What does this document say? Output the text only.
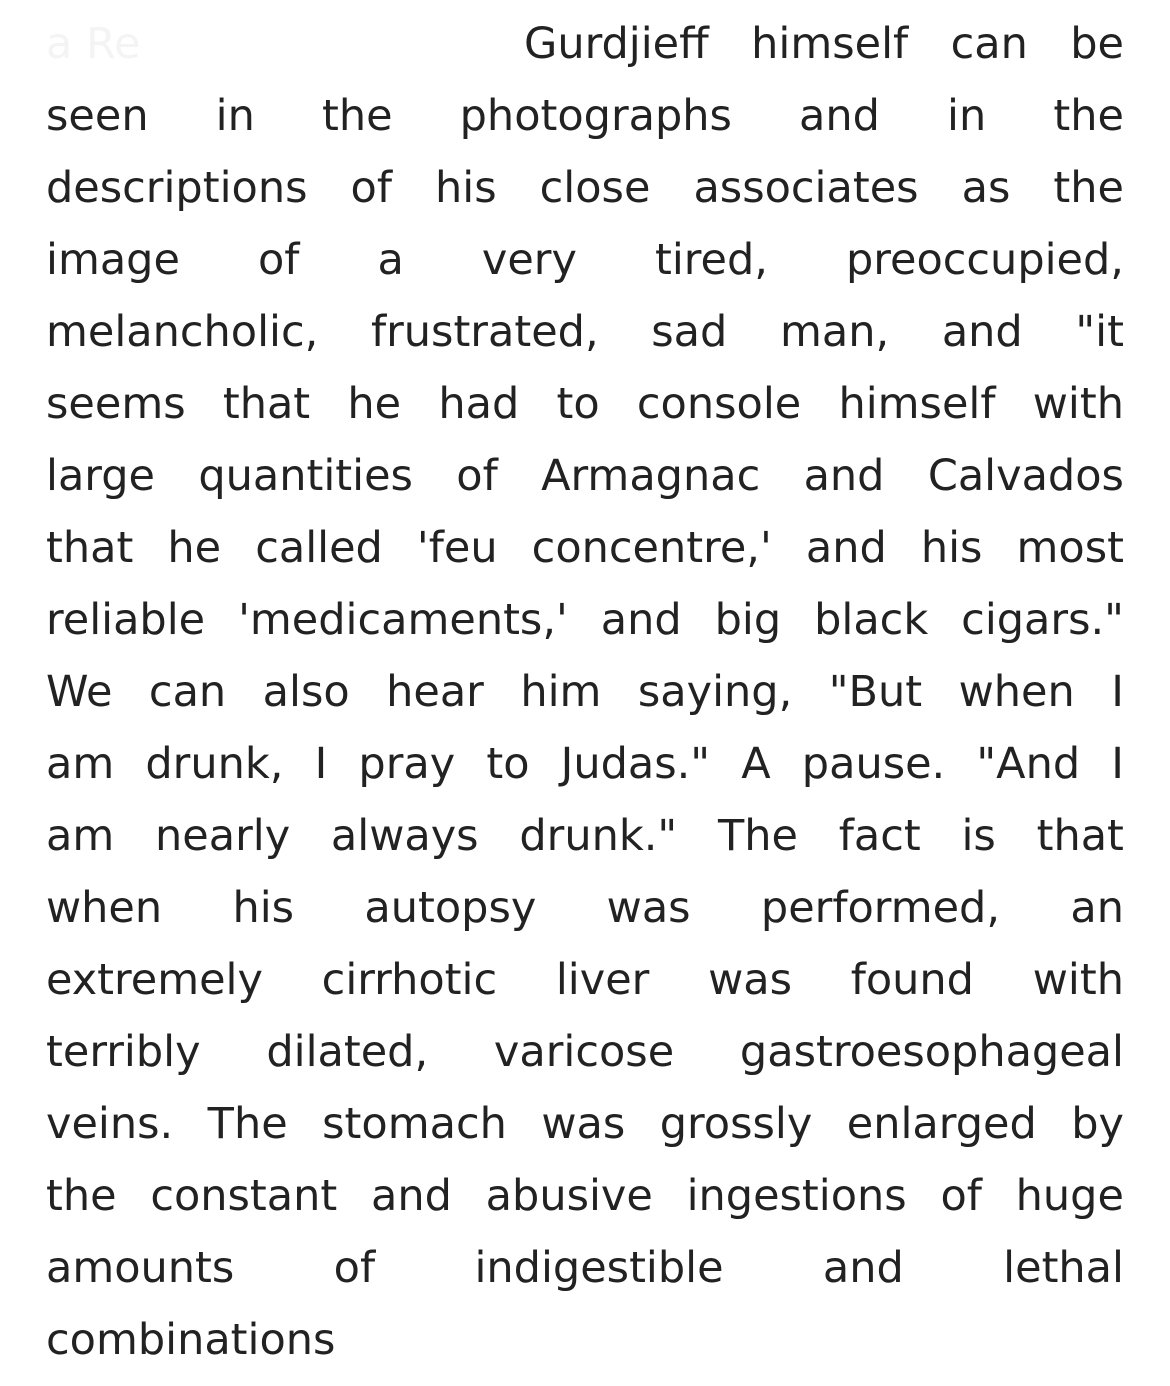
a Re	Gurdjieff himself can be
seen in the photographs and in the
descriptions of his close associates as the
image of a very tired, preoccupied,
melancholic, frustrated, sad man, and "it
seems that he had to console himself with
large quantities of Armagnac and Calvados
that he called 'feu concentre,' and his most
reliable 'medicaments,' and big black cigars."
We can also hear him saying, "But when I
am drunk, I pray to Judas." A pause. "And I
am nearly always drunk." The fact is that
when his autopsy was performed, an
extremely cirrhotic liver was found with
terribly dilated, varicose gastroesophageal
veins. The stomach was grossly enlarged by
the constant and abusive ingestions of huge
amounts of indigestible and lethal
combinations
